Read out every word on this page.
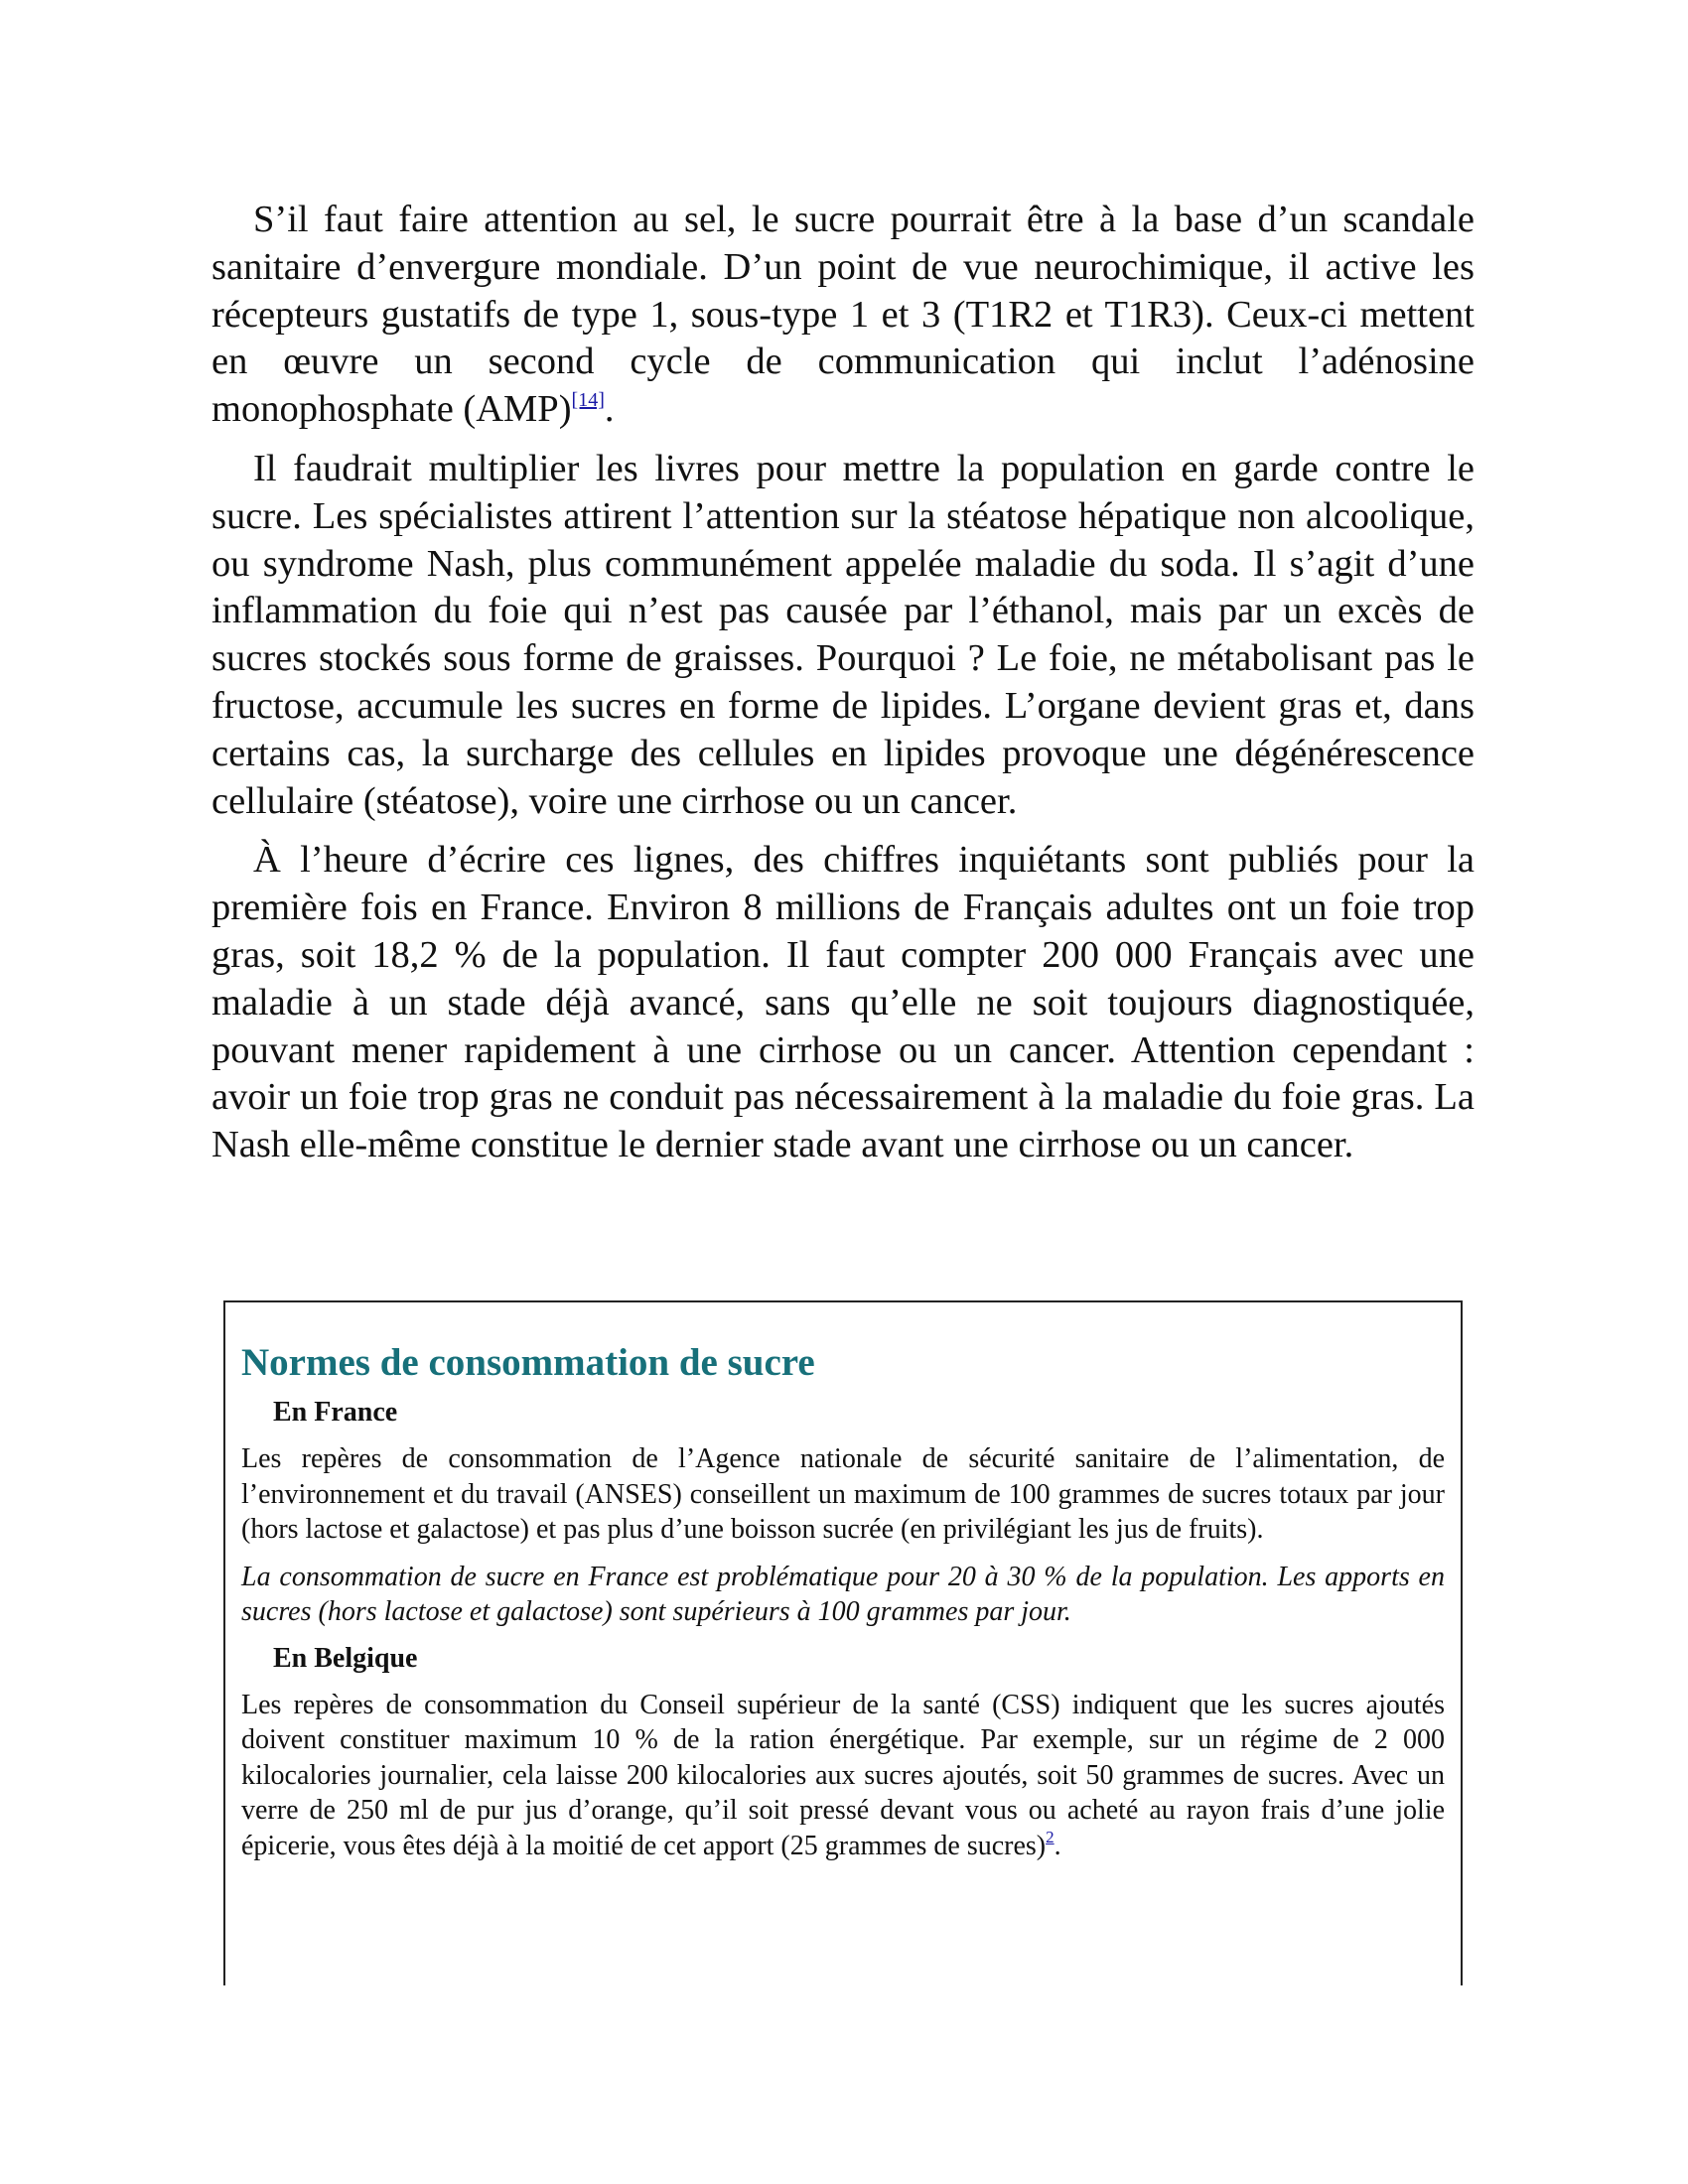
S’il faut faire attention au sel, le sucre pourrait être à la base d’un scandale sanitaire d’envergure mondiale. D’un point de vue neurochimique, il active les récepteurs gustatifs de type 1, sous-type 1 et 3 (T1R2 et T1R3). Ceux-ci mettent en œuvre un second cycle de communication qui inclut l’adénosine monophosphate (AMP)[14].

Il faudrait multiplier les livres pour mettre la population en garde contre le sucre. Les spécialistes attirent l’attention sur la stéatose hépatique non alcoolique, ou syndrome Nash, plus communément appelée maladie du soda. Il s’agit d’une inflammation du foie qui n’est pas causée par l’éthanol, mais par un excès de sucres stockés sous forme de graisses. Pourquoi ? Le foie, ne métabolisant pas le fructose, accumule les sucres en forme de lipides. L’organe devient gras et, dans certains cas, la surcharge des cellules en lipides provoque une dégénérescence cellulaire (stéatose), voire une cirrhose ou un cancer.

À l’heure d’écrire ces lignes, des chiffres inquiétants sont publiés pour la première fois en France. Environ 8 millions de Français adultes ont un foie trop gras, soit 18,2 % de la population. Il faut compter 200 000 Français avec une maladie à un stade déjà avancé, sans qu’elle ne soit toujours diagnostiquée, pouvant mener rapidement à une cirrhose ou un cancer. Attention cependant : avoir un foie trop gras ne conduit pas nécessairement à la maladie du foie gras. La Nash elle-même constitue le dernier stade avant une cirrhose ou un cancer.

Normes de consommation de sucre
En France

Les repères de consommation de l’Agence nationale de sécurité sanitaire de l’alimentation, de l’environnement et du travail (ANSES) conseillent un maximum de 100 grammes de sucres totaux par jour (hors lactose et galactose) et pas plus d’une boisson sucrée (en privilégiant les jus de fruits).

La consommation de sucre en France est problématique pour 20 à 30 % de la population. Les apports en sucres (hors lactose et galactose) sont supérieurs à 100 grammes par jour.

En Belgique

Les repères de consommation du Conseil supérieur de la santé (CSS) indiquent que les sucres ajoutés doivent constituer maximum 10 % de la ration énergétique. Par exemple, sur un régime de 2 000 kilocalories journalier, cela laisse 200 kilocalories aux sucres ajoutés, soit 50 grammes de sucres. Avec un verre de 250 ml de pur jus d’orange, qu’il soit pressé devant vous ou acheté au rayon frais d’une jolie épicerie, vous êtes déjà à la moitié de cet apport (25 grammes de sucres)$^2$.
